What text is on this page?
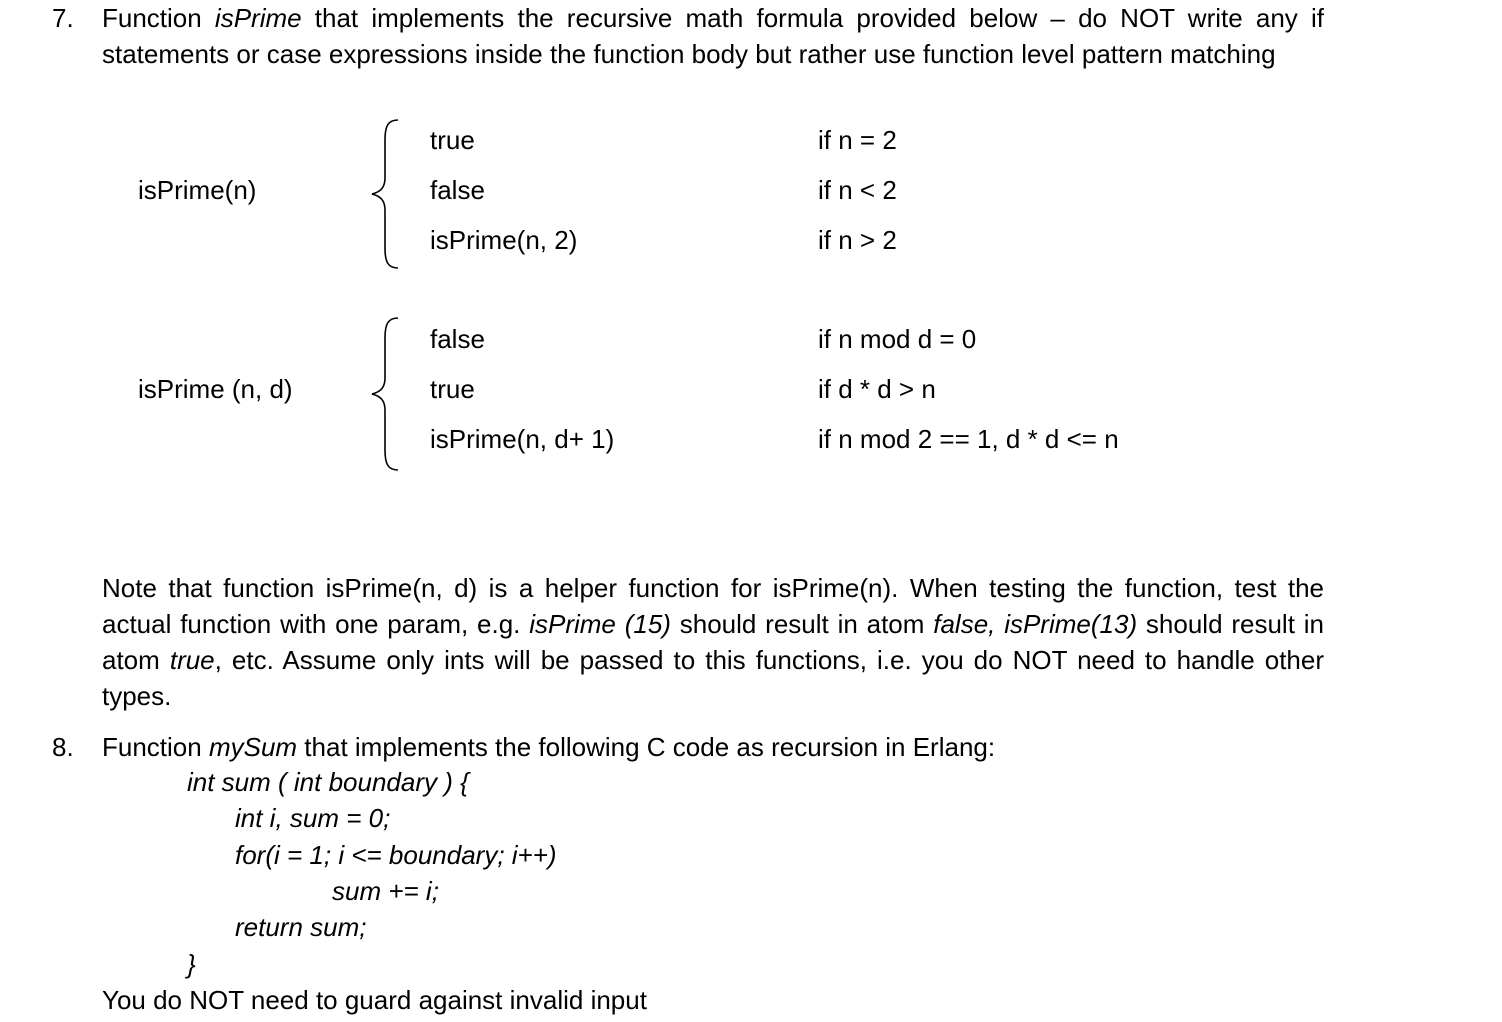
7. Function isPrime that implements the recursive math formula provided below – do NOT write any if statements or case expressions inside the function body but rather use function level pattern matching
isPrime(n)
true	if n = 2
false	if n < 2
isPrime(n, 2)	if n > 2
isPrime (n, d)
false	if n mod d = 0
true	if d * d > n
isPrime(n, d+ 1)	if n mod 2 == 1, d * d <= n
Note that function isPrime(n, d) is a helper function for isPrime(n). When testing the function, test the actual function with one param, e.g. isPrime (15) should result in atom false, isPrime(13) should result in atom true, etc. Assume only ints will be passed to this functions, i.e. you do NOT need to handle other types.
8. Function mySum that implements the following C code as recursion in Erlang:
int sum ( int boundary ) {
int i, sum = 0;
for(i = 1; i <= boundary; i++)
sum += i;
return sum;
}
You do NOT need to guard against invalid input
